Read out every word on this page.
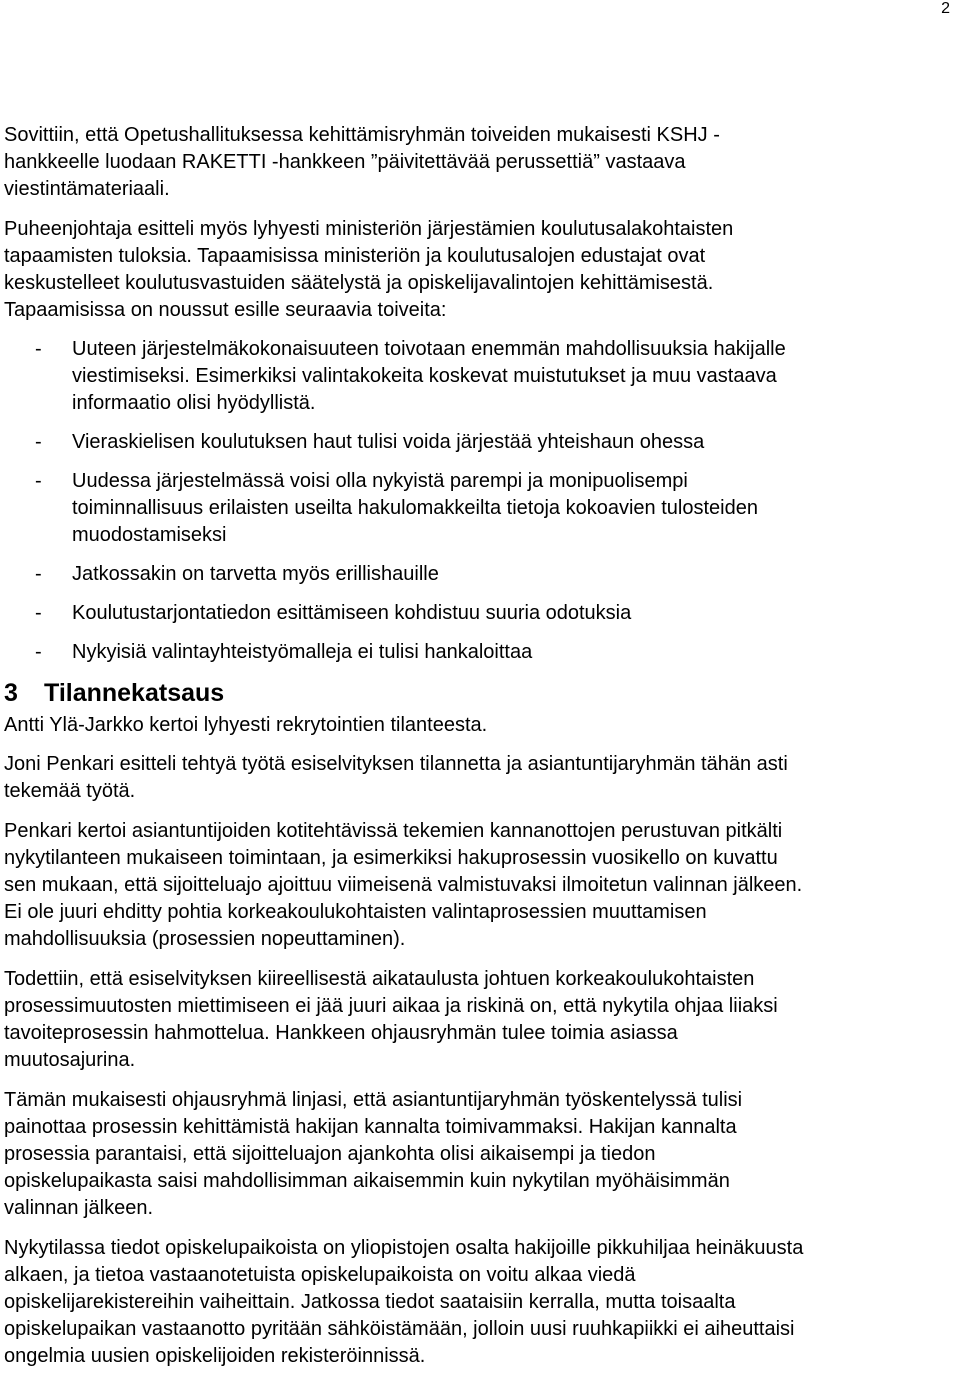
2

Sovittiin, että Opetushallituksessa kehittämisryhmän toiveiden mukaisesti KSHJ -
hankkeelle luodaan RAKETTI -hankkeen ”päivitettävää perussettiä” vastaava
viestintämateriaali.

Puheenjohtaja esitteli myös lyhyesti ministeriön järjestämien koulutusalakohtaisten
tapaamisten tuloksia. Tapaamisissa ministeriön ja koulutusalojen edustajat ovat
keskustelleet koulutusvastuiden säätelystä ja opiskelijavalintojen kehittämisestä.
Tapaamisissa on noussut esille seuraavia toiveita:

- Uuteen järjestelmäkokonaisuuteen toivotaan enemmän mahdollisuuksia hakijalle
viestimiseksi. Esimerkiksi valintakokeita koskevat muistutukset ja muu vastaava
informaatio olisi hyödyllistä.
- Vieraskielisen koulutuksen haut tulisi voida järjestää yhteishaun ohessa
- Uudessa järjestelmässä voisi olla nykyistä parempi ja monipuolisempi
toiminnallisuus erilaisten useilta hakulomakkeilta tietoja kokoavien tulosteiden
muodostamiseksi
- Jatkossakin on tarvetta myös erillishauille
- Koulutustarjontatiedon esittämiseen kohdistuu suuria odotuksia
- Nykyisiä valintayhteistyömalleja ei tulisi hankaloittaa
3	Tilannekatsaus

Antti Ylä-Jarkko kertoi lyhyesti rekrytointien tilanteesta.

Joni Penkari esitteli tehtyä työtä esiselvityksen tilannetta ja asiantuntijaryhmän tähän asti
tekemää työtä.

Penkari kertoi asiantuntijoiden kotitehtävissä tekemien kannanottojen perustuvan pitkälti
nykytilanteen mukaiseen toimintaan, ja esimerkiksi hakuprosessin vuosikello on kuvattu
sen mukaan, että sijoitteluajo ajoittuu viimeisenä valmistuvaksi ilmoitetun valinnan jälkeen.
Ei ole juuri ehditty pohtia korkeakoulukohtaisten valintaprosessien muuttamisen
mahdollisuuksia (prosessien nopeuttaminen).

Todettiin, että esiselvityksen kiireellisestä aikataulusta johtuen korkeakoulukohtaisten
prosessimuutosten miettimiseen ei jää juuri aikaa ja riskinä on, että nykytila ohjaa liiaksi
tavoiteprosessin hahmottelua. Hankkeen ohjausryhmän tulee toimia asiassa
muutosajurina.

Tämän mukaisesti ohjausryhmä linjasi, että asiantuntijaryhmän työskentelyssä tulisi
painottaa prosessin kehittämistä hakijan kannalta toimivammaksi. Hakijan kannalta
prosessia parantaisi, että sijoitteluajon ajankohta olisi aikaisempi ja tiedon
opiskelupaikasta saisi mahdollisimman aikaisemmin kuin nykytilan myöhäisimmän
valinnan jälkeen.

Nykytilassa tiedot opiskelupaikoista on yliopistojen osalta hakijoille pikkuhiljaa heinäkuusta
alkaen, ja tietoa vastaanotetuista opiskelupaikoista on voitu alkaa viedä
opiskelijarekistereihin vaiheittain. Jatkossa tiedot saataisiin kerralla, mutta toisaalta
opiskelupaikan vastaanotto pyritään sähköistämään, jolloin uusi ruuhkapiikki ei aiheuttaisi
ongelmia uusien opiskelijoiden rekisteröinnissä.
